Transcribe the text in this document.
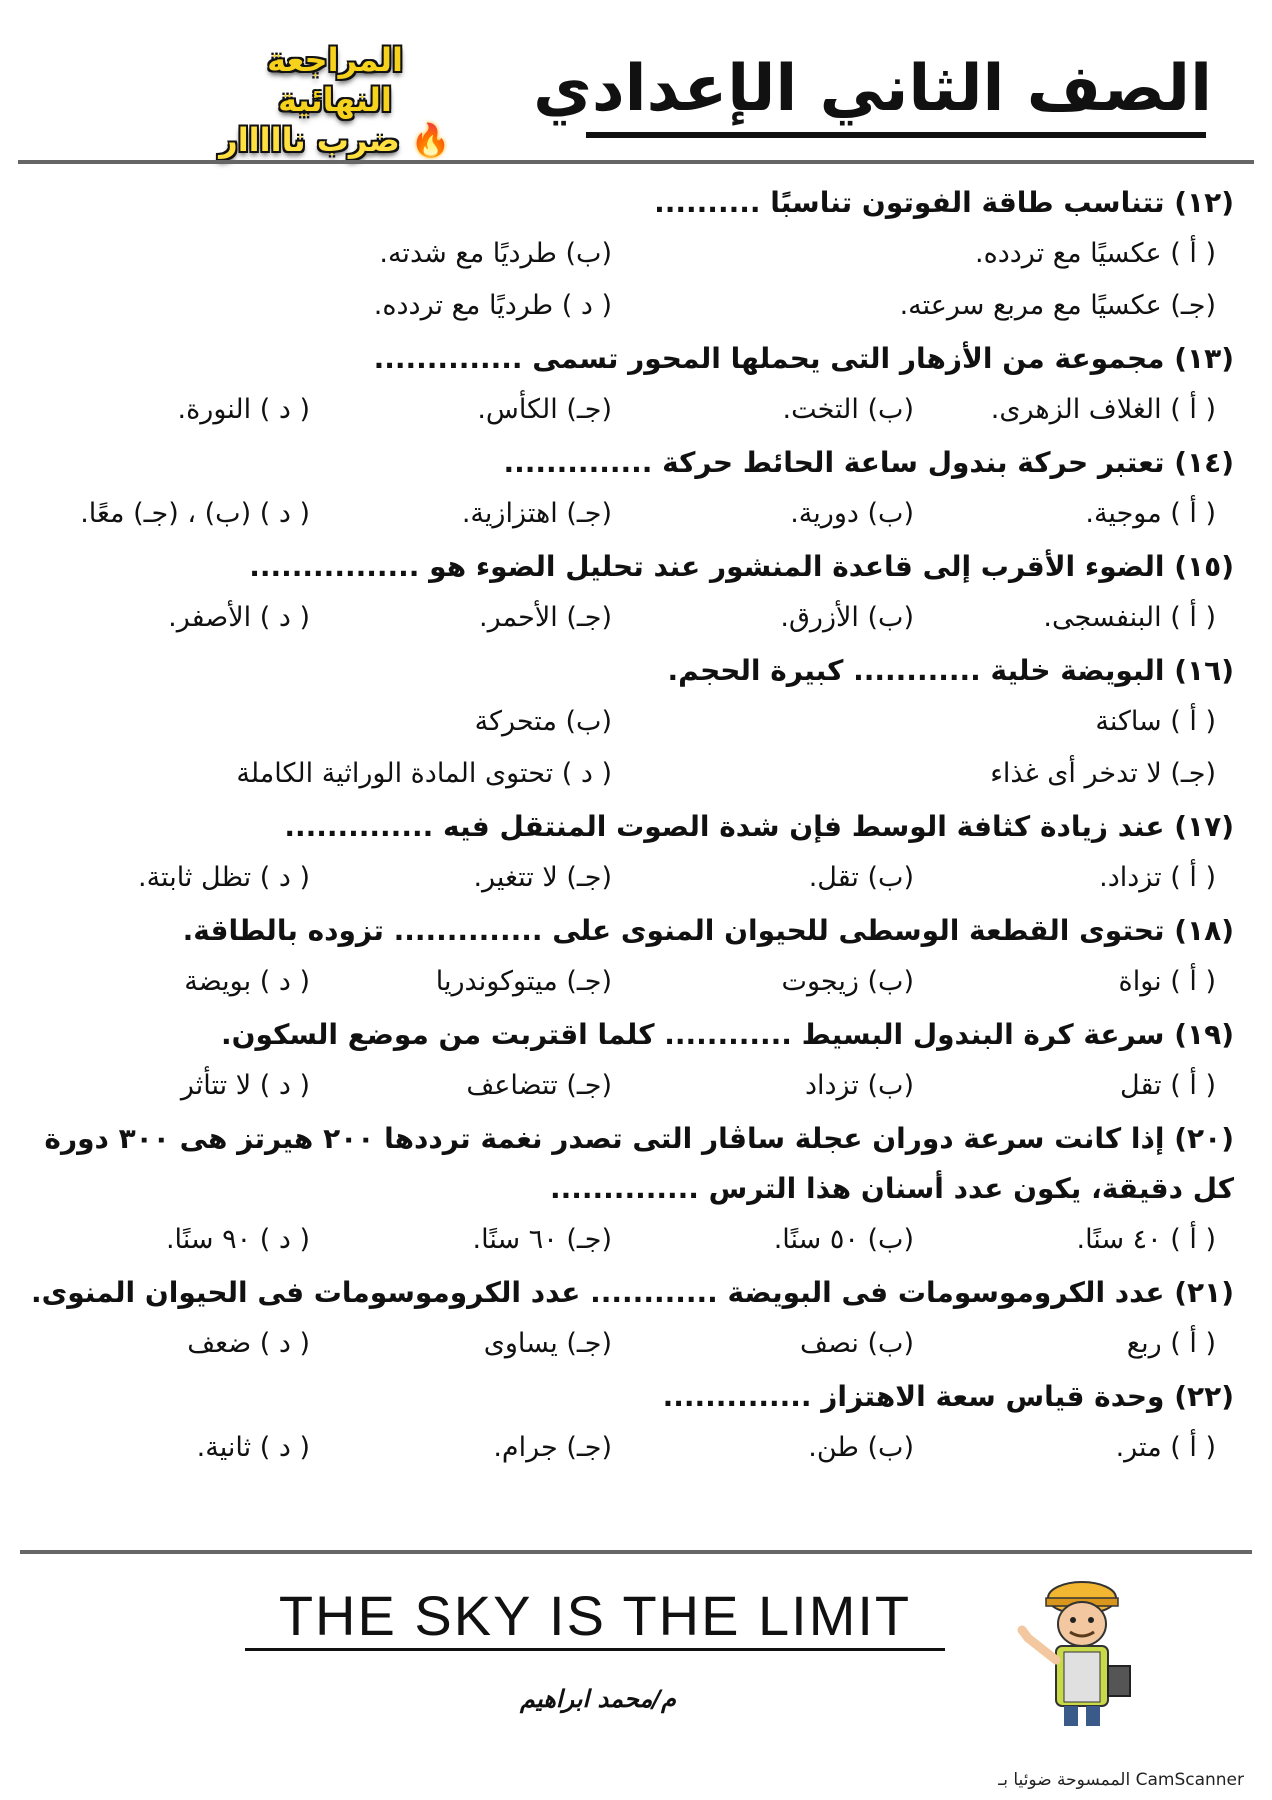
الصف الثاني الإعدادي
المراجعة النهائية
🔥 ضرب نااااار
(١٢) تتناسب طاقة الفوتون تناسبًا ..........
( أ ) عكسيًا مع تردده.
(ب) طرديًا مع شدته.
(جـ) عكسيًا مع مربع سرعته.
( د ) طرديًا مع تردده.
(١٣) مجموعة من الأزهار التى يحملها المحور تسمى ..............
( أ ) الغلاف الزهرى.
(ب) التخت.
(جـ) الكأس.
( د ) النورة.
(١٤) تعتبر حركة بندول ساعة الحائط حركة ..............
( أ ) موجية.
(ب) دورية.
(جـ) اهتزازية.
( د ) (ب) ، (جـ) معًا.
(١٥) الضوء الأقرب إلى قاعدة المنشور عند تحليل الضوء هو ................
( أ ) البنفسجى.
(ب) الأزرق.
(جـ) الأحمر.
( د ) الأصفر.
(١٦) البويضة خلية ............ كبيرة الحجم.
( أ ) ساكنة
(ب) متحركة
(جـ) لا تدخر أى غذاء
( د ) تحتوى المادة الوراثية الكاملة
(١٧) عند زيادة كثافة الوسط فإن شدة الصوت المنتقل فيه ..............
( أ ) تزداد.
(ب) تقل.
(جـ) لا تتغير.
( د ) تظل ثابتة.
(١٨) تحتوى القطعة الوسطى للحيوان المنوى على .............. تزوده بالطاقة.
( أ ) نواة
(ب) زيجوت
(جـ) ميتوكوندريا
( د ) بويضة
(١٩) سرعة كرة البندول البسيط ............ كلما اقتربت من موضع السكون.
( أ ) تقل
(ب) تزداد
(جـ) تتضاعف
( د ) لا تتأثر
(٢٠) إذا كانت سرعة دوران عجلة ساڤار التى تصدر نغمة ترددها ٢٠٠ هيرتز هى ٣٠٠ دورة كل دقيقة، يكون عدد أسنان هذا الترس ..............
( أ ) ٤٠ سنًا.
(ب) ٥٠ سنًا.
(جـ) ٦٠ سنًا.
( د ) ٩٠ سنًا.
(٢١) عدد الكروموسومات فى البويضة ............ عدد الكروموسومات فى الحيوان المنوى.
( أ ) ربع
(ب) نصف
(جـ) يساوى
( د ) ضعف
(٢٢) وحدة قياس سعة الاهتزاز ..............
( أ ) متر.
(ب) طن.
(جـ) جرام.
( د ) ثانية.
THE SKY IS THE LIMIT
م/محمد ابراهيم
الممسوحة ضوئيا بـ CamScanner
